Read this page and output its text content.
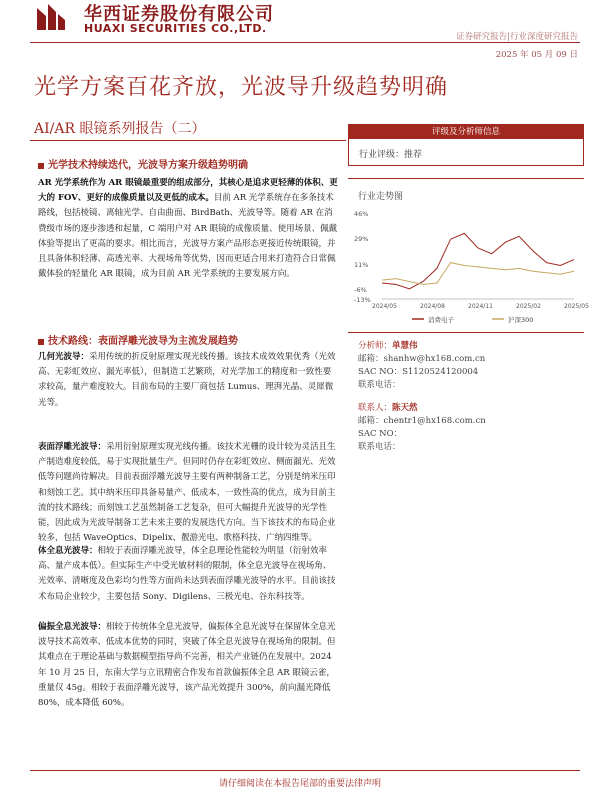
华西证券股份有限公司
HUAXI SECURITIES CO.,LTD.
证券研究报告|行业深度研究报告
2025 年 05 月 09 日
光学方案百花齐放，光波导升级趋势明确
AI/AR 眼镜系列报告（二）
光学技术持续迭代，光波导方案升级趋势明确
AR 光学系统作为 AR 眼镜最重要的组成部分，其核心是追求更轻薄的体积、更大的 FOV、更好的成像质量以及更低的成本。目前 AR 光学系统存在多条技术路线，包括棱镜、离轴光学、自由曲面、BirdBath、光波导等。随着 AR 在消费级市场的逐步渗透和起量，C 端用户对 AR 眼镜的成像质量、使用场景、佩戴体验等提出了更高的要求。相比而言，光波导方案产品形态更接近传统眼镜，并且具备体积轻薄、高透光率、大视场角等优势，因而更适合用来打造符合日常佩戴体验的轻量化 AR 眼镜，成为目前 AR 光学系统的主要发展方向。
技术路线：表面浮雕光波导为主流发展趋势
几何光波导：采用传统的折反射原理实现光线传播。该技术成效效果优秀（光效高、无彩虹效应、漏光率低），但制造工艺繁琐，对光学加工的精度和一致性要求较高，量产难度较大。目前布局的主要厂商包括 Lumus、理湃光晶、灵犀微光等。
表面浮雕光波导：采用衍射原理实现光线传播。该技术光栅的设计较为灵活且生产制造难度较低，易于实现批量生产。但同时仍存在彩虹效应、侧面漏光、光效低等问题尚待解决。目前表面浮雕光波导主要有两种制备工艺，分别是纳米压印和刻蚀工艺。其中纳米压印具备易量产、低成本、一致性高的优点，成为目前主流的技术路线；而刻蚀工艺虽然制备工艺复杂，但可大幅提升光波导的光学性能，因此成为光波导制备工艺未来主要的发展迭代方向。当下该技术的布局企业较多，包括 WaveOptics、Dipelix、靓游光电、歌格科技、广纳四维等。
体全息光波导：相较于表面浮雕光波导，体全息理论性能较为明显（衍射效率高、量产成本低）。但实际生产中受光敏材料的限制，体全息光波导在视场角、光效率、清晰度及色彩均匀性等方面尚未达到表面浮雕光波导的水平。目前该技术布局企业较少，主要包括 Sony、Digilens、三极光电、谷东科技等。
偏振全息光波导：相较于传统体全息光波导，偏振体全息光波导在保留体全息光波导技术高效率、低成本优势的同时，突破了体全息光波导在视场角的限制。但其难点在于理论基础与数据模型指导尚不完善，相关产业链仍在发展中。2024 年 10 月 25 日，东南大学与立讯精密合作发布首款偏振体全息 AR 眼镜云雀，重量仅 45g。相较于表面浮雕光波导，该产品光效提升 300%，前向漏光降低 80%，成本降低 60%。
评级及分析师信息
行业评级：推荐
行业走势图
46%
29%
11%
-6%
-13%
2024/05	2024/08	2024/11	2025/02	2025/05
消费电子	沪深300
分析师：单慧伟
邮箱：shanhw@hx168.com.cn
SAC NO：S1120524120004
联系电话：
联系人：陈天然
邮箱：chentr1@hx168.com.cn
SAC NO：
联系电话：
请仔细阅读在本报告尾部的重要法律声明
